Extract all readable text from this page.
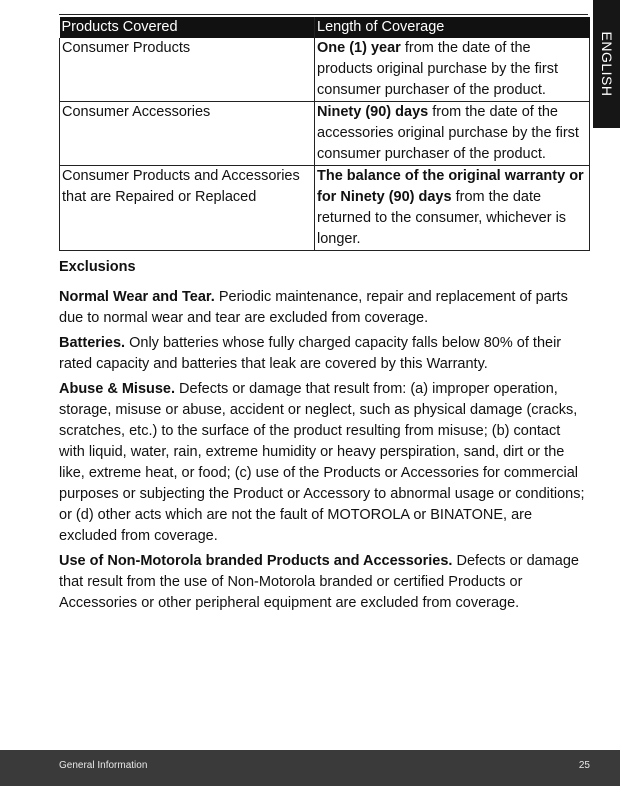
ENGLISH
Products Covered	Length of Coverage
Consumer Products	One (1) year from the date of the products original purchase by the first consumer purchaser of the product.
Consumer Accessories	Ninety (90) days from the date of the accessories original purchase by the first consumer purchaser of the product.
Consumer Products and Accessories that are Repaired or Replaced	The balance of the original warranty or for Ninety (90) days from the date returned to the consumer, whichever is longer.
Exclusions

Normal Wear and Tear. Periodic maintenance, repair and replacement of parts due to normal wear and tear are excluded from coverage.

Batteries. Only batteries whose fully charged capacity falls below 80% of their rated capacity and batteries that leak are covered by this Warranty.

Abuse & Misuse. Defects or damage that result from: (a) improper operation, storage, misuse or abuse, accident or neglect, such as physical damage (cracks, scratches, etc.) to the surface of the product resulting from misuse; (b) contact with liquid, water, rain, extreme humidity or heavy perspiration, sand, dirt or the like, extreme heat, or food; (c) use of the Products or Accessories for commercial purposes or subjecting the Product or Accessory to abnormal usage or conditions; or (d) other acts which are not the fault of MOTOROLA or BINATONE, are excluded from coverage.

Use of Non-Motorola branded Products and Accessories. Defects or damage that result from the use of Non-Motorola branded or certified Products or Accessories or other peripheral equipment are excluded from coverage.

General Information	25
